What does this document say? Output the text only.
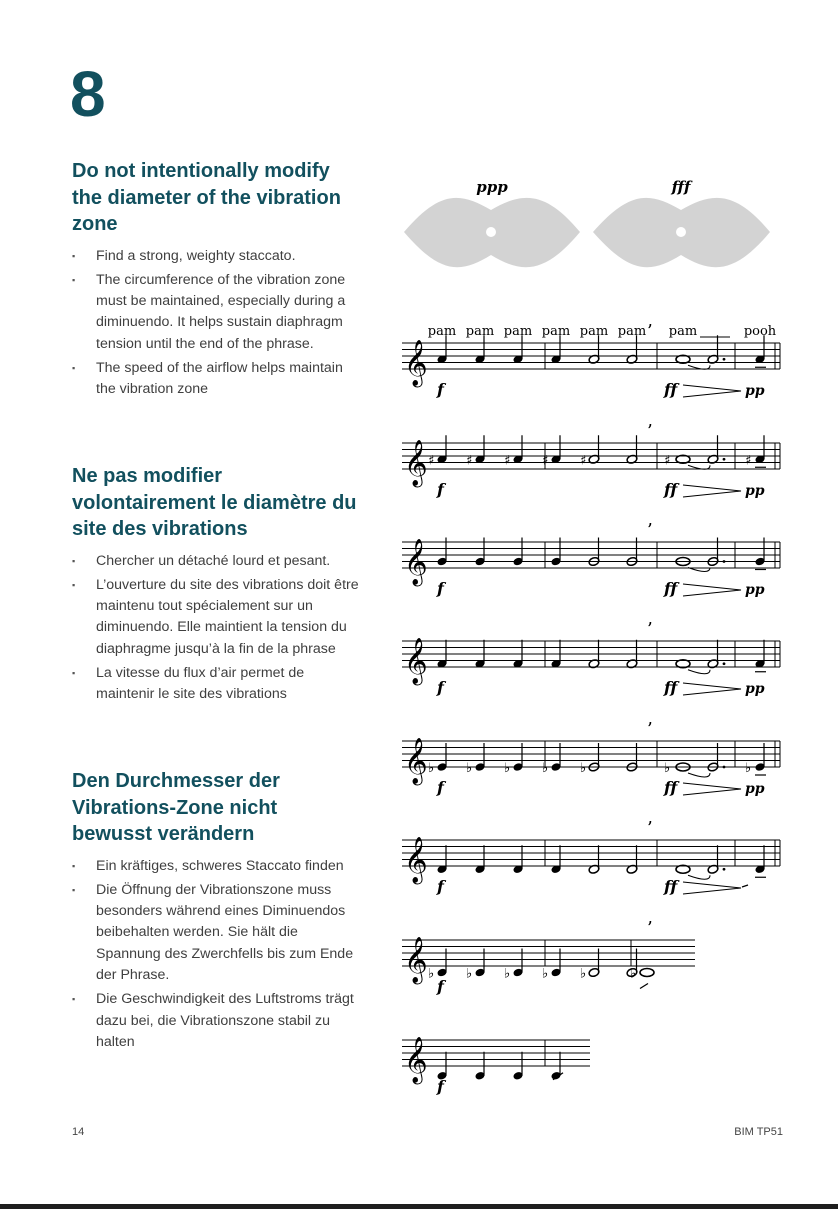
8
Do not intentionally modify the diameter of the vibration zone
▪ Find a strong, weighty staccato.
▪ The circumference of the vibration zone must be maintained, especially during a diminuendo. It helps sustain diaphragm tension until the end of the phrase.
▪ The speed of the airflow helps maintain the vibration zone
Ne pas modifier volontairement le diamètre du site des vibrations
▪ Chercher un détaché lourd et pesant.
▪ L’ouverture du site des vibrations doit être maintenu tout spécialement sur un diminuendo. Elle maintient la tension du diaphragme jusqu’à la fin de la phrase
▪ La vitesse du flux d’air permet de maintenir le site des vibrations
Den Durchmesser der Vibrations-Zone nicht bewusst verändern
▪ Ein kräftiges, schweres Staccato finden
▪ Die Öffnung der Vibrationszone muss besonders während eines Diminuendos beibehalten werden. Sie hält die Spannung des Zwerchfells bis zum Ende der Phrase.
▪ Die Geschwindigkeit des Luftstroms trägt dazu bei, die Vibrationszone stabil zu halten
ppp	fff
pam pam pam pam pam pam pam	pooh
𝄞
’
f	ff	pp
𝄞 ♯ ♯ ♯ ♯ ♯
’
♯	♯
f	ff	pp
𝄞
’
f	ff	pp
𝄞
’
f	ff	pp
𝄞 ♭ ♭ ♭ ♭ ♭
’
♭	♭
f	ff	pp
𝄞
’
f	ff
𝄞 ♭ ♭ ♭ ♭ ♭
’
♭
f
𝄞
f
14	BIM TP51
